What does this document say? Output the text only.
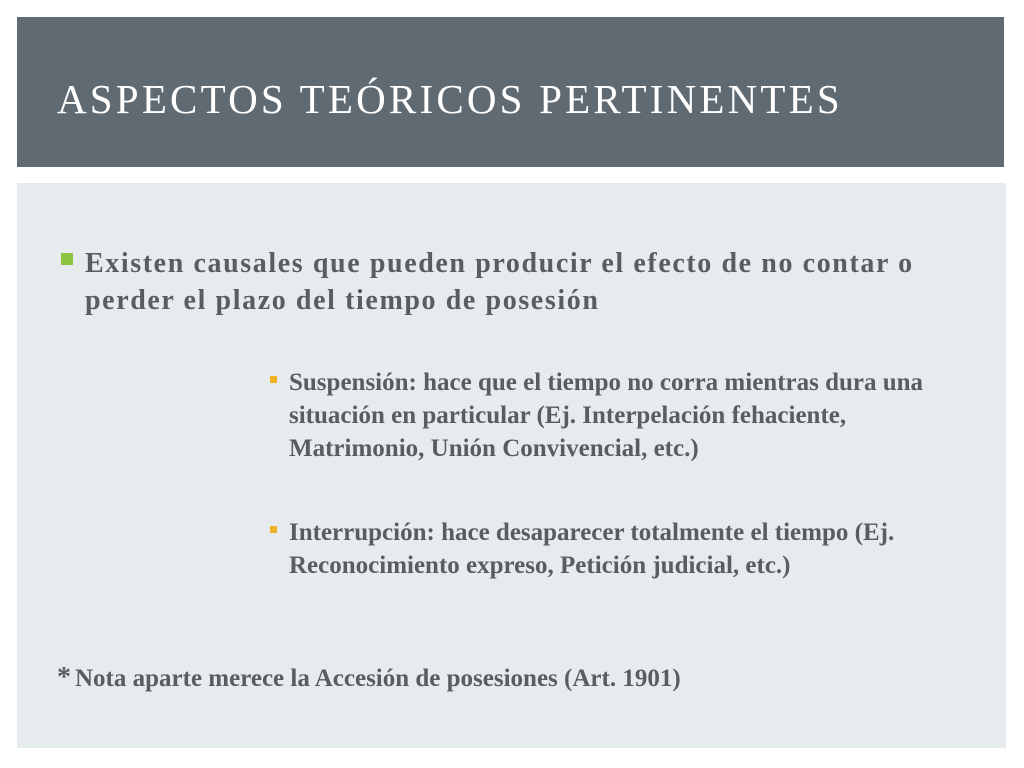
ASPECTOS TEÓRICOS PERTINENTES
Existen causales que pueden producir el efecto de no contar o perder el plazo del tiempo de posesión
Suspensión: hace que el tiempo no corra mientras dura una situación en particular (Ej. Interpelación fehaciente, Matrimonio, Unión Convivencial, etc.)
Interrupción: hace desaparecer totalmente el tiempo (Ej. Reconocimiento expreso, Petición judicial, etc.)
* Nota aparte merece la Accesión de posesiones (Art. 1901)
